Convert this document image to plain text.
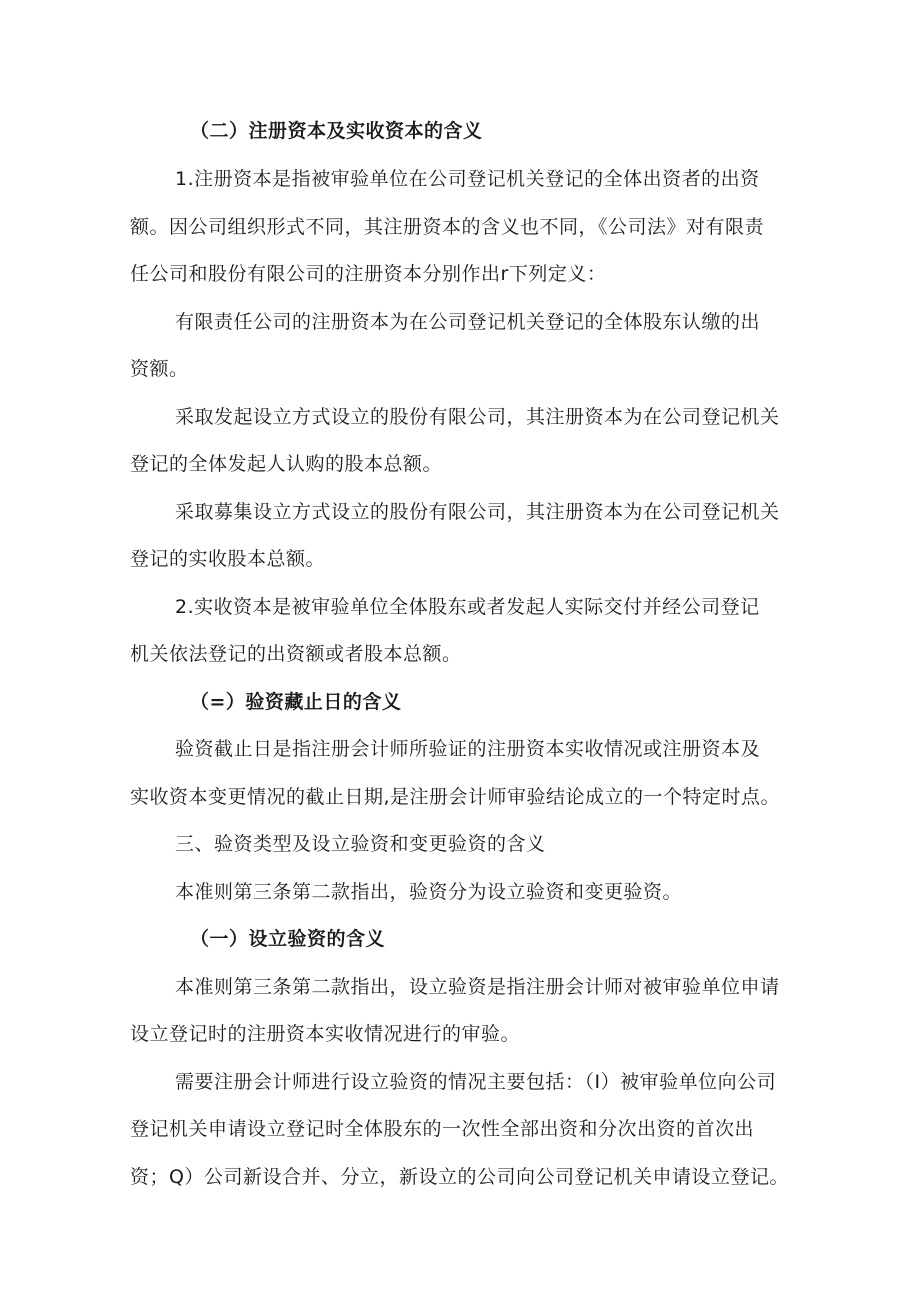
（二）注册资本及实收资本的含义
1.注册资本是指被审验单位在公司登记机关登记的全体出资者的出资
额。因公司组织形式不同，其注册资本的含义也不同，《公司法》对有限责
任公司和股份有限公司的注册资本分别作出r下列定义：
有限责任公司的注册资本为在公司登记机关登记的全体股东认缴的出
资额。
采取发起设立方式设立的股份有限公司，其注册资本为在公司登记机关
登记的全体发起人认购的股本总额。
采取募集设立方式设立的股份有限公司，其注册资本为在公司登记机关
登记的实收股本总额。
2.实收资本是被审验单位全体股东或者发起人实际交付并经公司登记
机关依法登记的出资额或者股本总额。
（=）验资藏止日的含义
验资截止日是指注册会计师所验证的注册资本实收情况或注册资本及
实收资本变更情况的截止日期,是注册会计师审验结论成立的一个特定时点。
三、验资类型及设立验资和变更验资的含义
本准则第三条第二款指出，验资分为设立验资和变更验资。
（一）设立验资的含义
本准则第三条第二款指出，设立验资是指注册会计师对被审验单位申请
设立登记时的注册资本实收情况进行的审验。
需要注册会计师进行设立验资的情况主要包括：（I）被审验单位向公司
登记机关申请设立登记时全体股东的一次性全部出资和分次出资的首次出
资；Q）公司新设合并、分立，新设立的公司向公司登记机关申请设立登记。
